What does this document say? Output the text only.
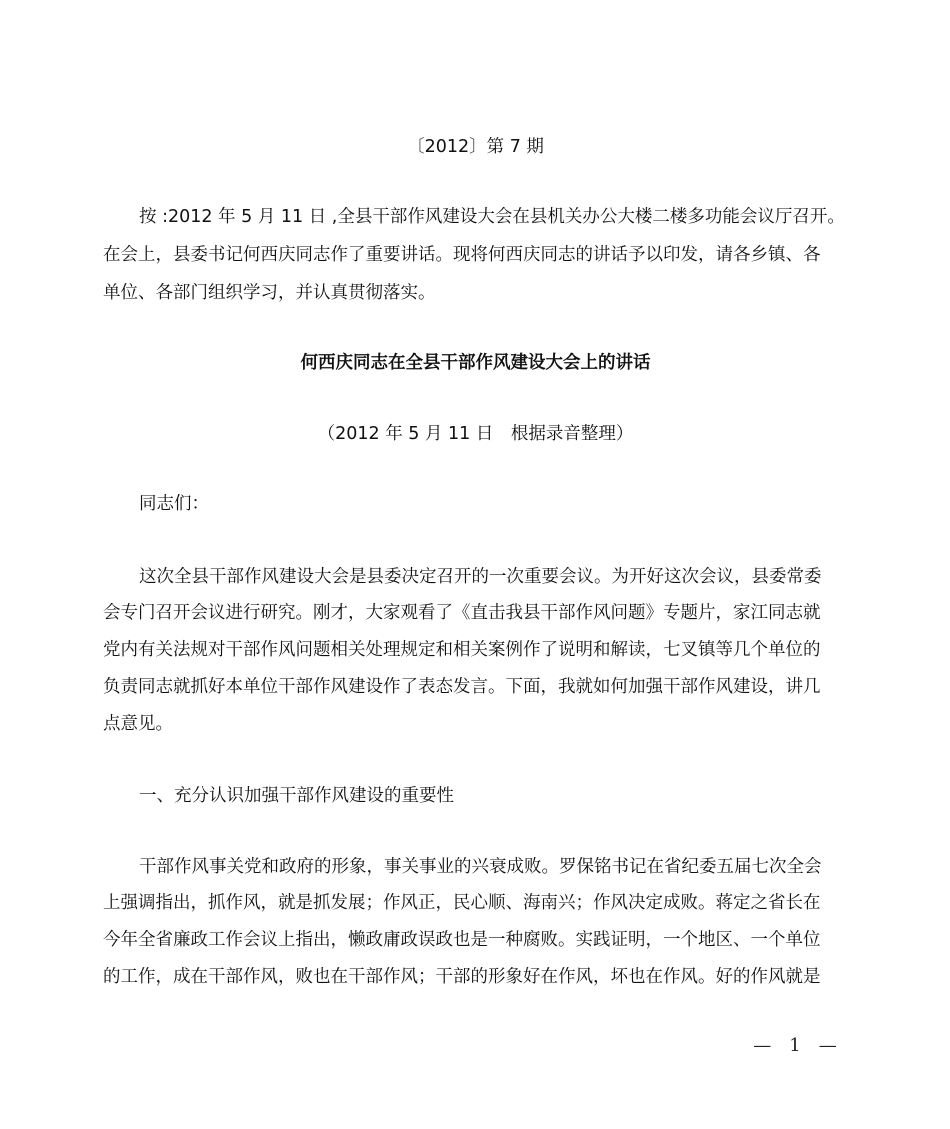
〔2012〕第 7 期
按 :2012 年 5 月 11 日 ,全县干部作风建设大会在县机关办公大楼二楼多功能会议厅召开。
在会上，县委书记何西庆同志作了重要讲话。现将何西庆同志的讲话予以印发，请各乡镇、各
单位、各部门组织学习，并认真贯彻落实。
何西庆同志在全县干部作风建设大会上的讲话
（2012 年 5 月 11 日　根据录音整理）
同志们：
这次全县干部作风建设大会是县委决定召开的一次重要会议。为开好这次会议，县委常委
会专门召开会议进行研究。刚才，大家观看了《直击我县干部作风问题》专题片，家江同志就
党内有关法规对干部作风问题相关处理规定和相关案例作了说明和解读，七叉镇等几个单位的
负责同志就抓好本单位干部作风建设作了表态发言。下面，我就如何加强干部作风建设，讲几
点意见。
一、充分认识加强干部作风建设的重要性
干部作风事关党和政府的形象，事关事业的兴衰成败。罗保铭书记在省纪委五届七次全会
上强调指出，抓作风，就是抓发展；作风正，民心顺、海南兴；作风决定成败。蒋定之省长在
今年全省廉政工作会议上指出，懒政庸政误政也是一种腐败。实践证明，一个地区、一个单位
的工作，成在干部作风，败也在干部作风；干部的形象好在作风，坏也在作风。好的作风就是
—　1　—
